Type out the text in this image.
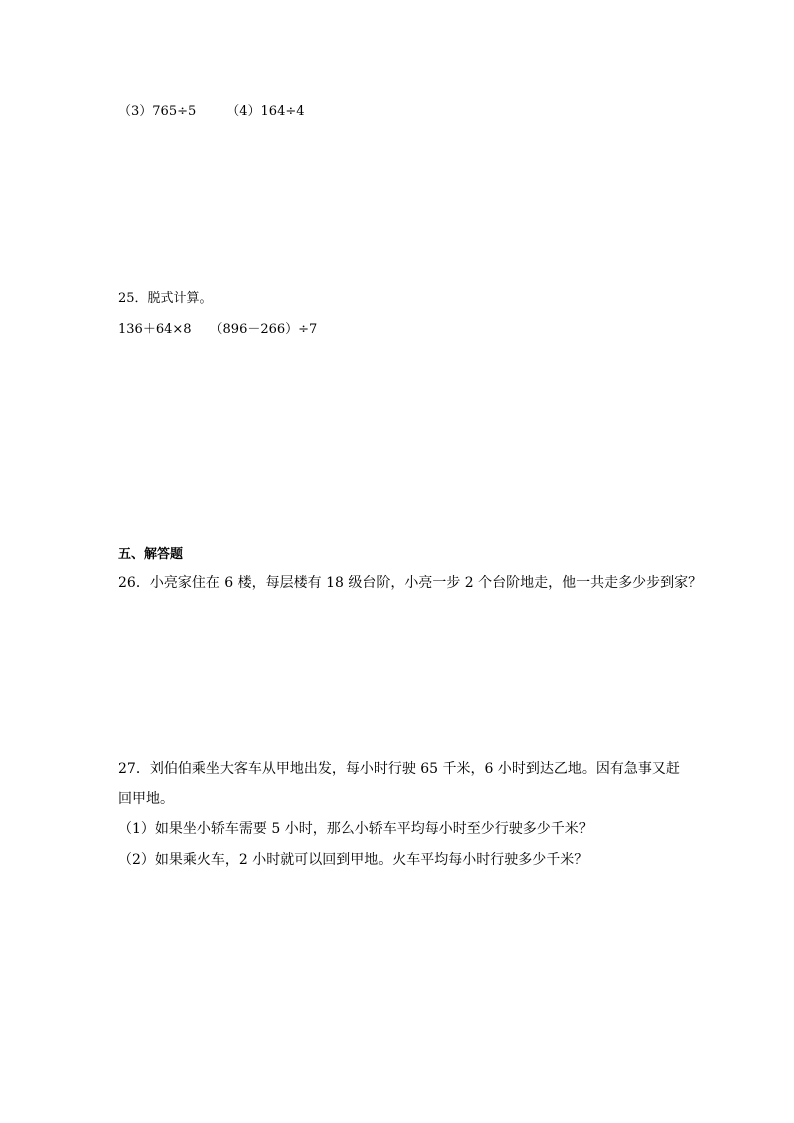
（3）765÷5 （4）164÷4
25．脱式计算。
136＋64×8 （896－266）÷7
五、解答题
26．小亮家住在 6 楼，每层楼有 18 级台阶，小亮一步 2 个台阶地走，他一共走多少步到家？
27．刘伯伯乘坐大客车从甲地出发，每小时行驶 65 千米，6 小时到达乙地。因有急事又赶
回甲地。
（1）如果坐小轿车需要 5 小时，那么小轿车平均每小时至少行驶多少千米？
（2）如果乘火车，2 小时就可以回到甲地。火车平均每小时行驶多少千米？
